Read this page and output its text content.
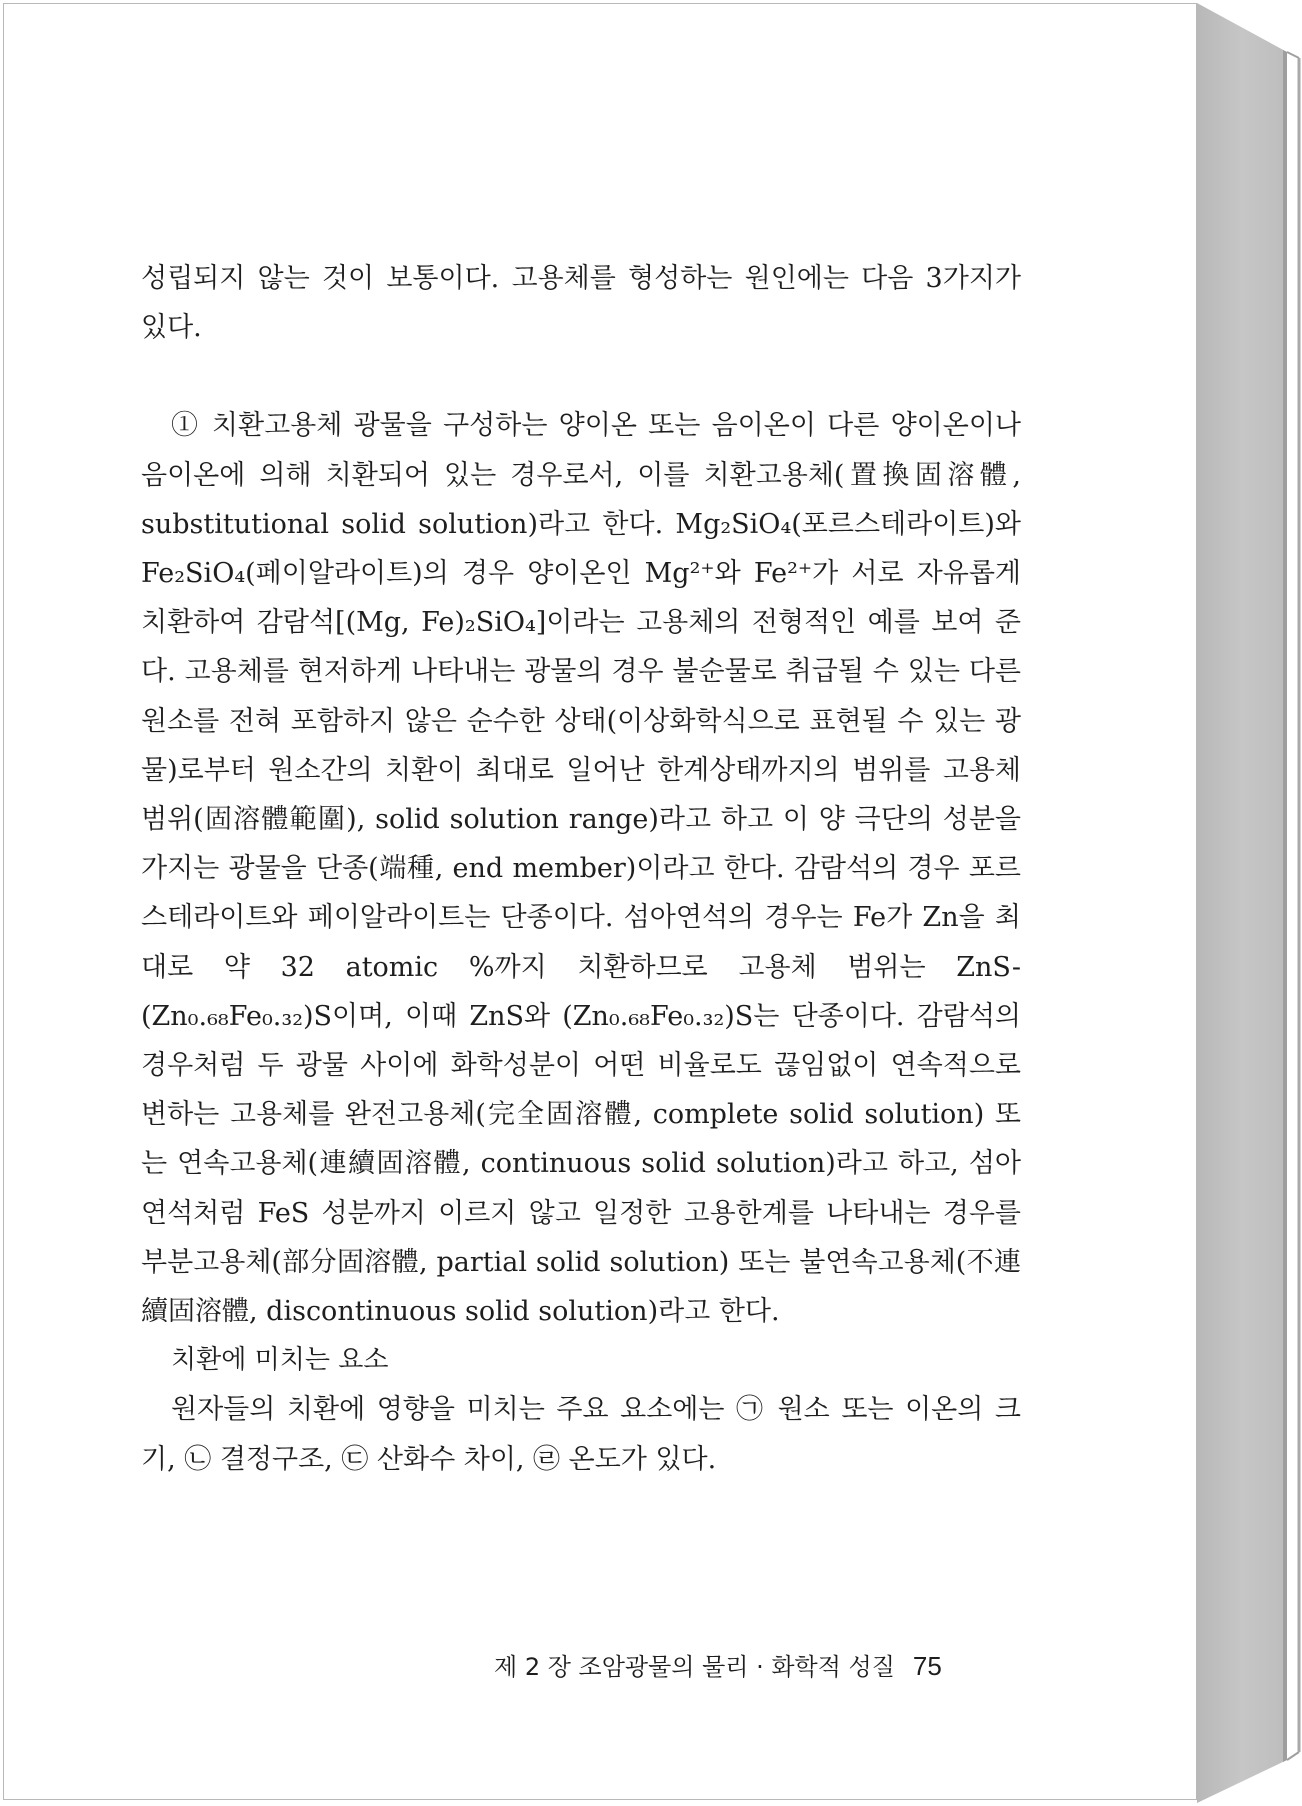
성립되지 않는 것이 보통이다. 고용체를 형성하는 원인에는 다음 3가지가 있다.

① 치환고용체 광물을 구성하는 양이온 또는 음이온이 다른 양이온이나 음이온에 의해 치환되어 있는 경우로서, 이를 치환고용체(置換固溶體, substitutional solid solution)라고 한다. Mg₂SiO₄(포르스테라이트)와 Fe₂SiO₄(페이알라이트)의 경우 양이온인 Mg²⁺와 Fe²⁺가 서로 자유롭게 치환하여 감람석[(Mg, Fe)₂SiO₄]이라는 고용체의 전형적인 예를 보여 준다. 고용체를 현저하게 나타내는 광물의 경우 불순물로 취급될 수 있는 다른 원소를 전혀 포함하지 않은 순수한 상태(이상화학식으로 표현될 수 있는 광물)로부터 원소간의 치환이 최대로 일어난 한계상태까지의 범위를 고용체 범위(固溶體範圍), solid solution range)라고 하고 이 양 극단의 성분을 가지는 광물을 단종(端種, end member)이라고 한다. 감람석의 경우 포르스테라이트와 페이알라이트는 단종이다. 섬아연석의 경우는 Fe가 Zn을 최대로 약 32 atomic %까지 치환하므로 고용체 범위는 ZnS- (Zn₀.₆₈Fe₀.₃₂)S이며, 이때 ZnS와 (Zn₀.₆₈Fe₀.₃₂)S는 단종이다. 감람석의 경우처럼 두 광물 사이에 화학성분이 어떤 비율로도 끊임없이 연속적으로 변하는 고용체를 완전고용체(完全固溶體, complete solid solution) 또는 연속고용체(連續固溶體, continuous solid solution)라고 하고, 섬아연석처럼 FeS 성분까지 이르지 않고 일정한 고용한계를 나타내는 경우를 부분고용체(部分固溶體, partial solid solution) 또는 불연속고용체(不連續固溶體, discontinuous solid solution)라고 한다.

치환에 미치는 요소

원자들의 치환에 영향을 미치는 주요 요소에는 ㉠ 원소 또는 이온의 크기, ㉡ 결정구조, ㉢ 산화수 차이, ㉣ 온도가 있다.

제 2 장 조암광물의 물리 · 화학적 성질 75
